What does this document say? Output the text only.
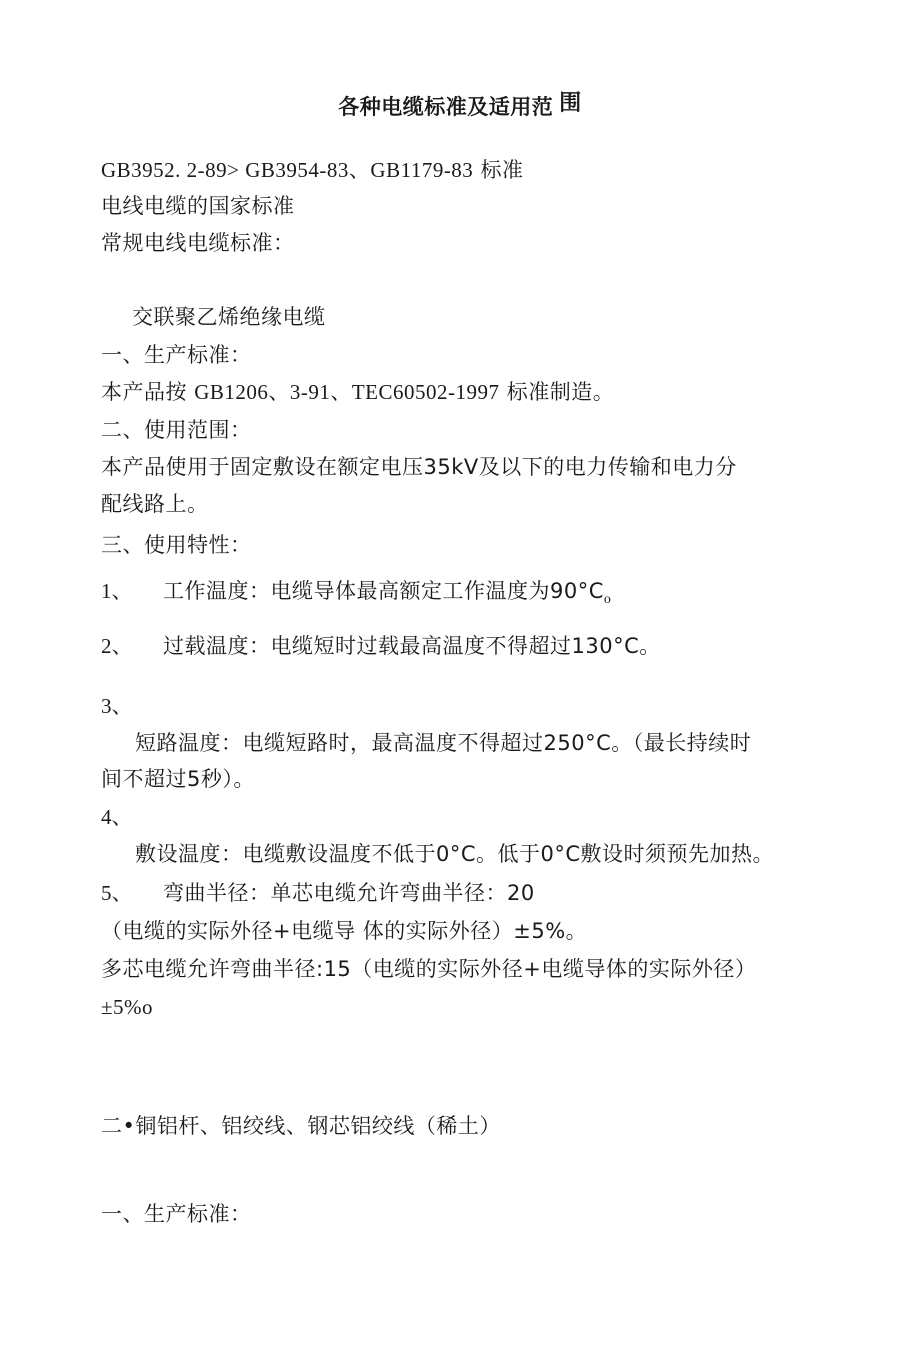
各种电缆标准及适用范 围
GB3952. 2-89> GB3954-83、GB1179-83 标准
电线电缆的国家标准
常规电线电缆标准：
交联聚乙烯绝缘电缆
一、生产标准：
本产品按 GB1206、3-91、TEC60502-1997 标准制造。
二、使用范围：
本产品使用于固定敷设在额定电压35kV及以下的电力传输和电力分
配线路上。
三、使用特性：
1、 工作温度：电缆导体最高额定工作温度为$90^\circ C_o$
2、 过载温度：电缆短时过载最高温度不得超过130°C。
3、
短路温度：电缆短路时，最高温度不得超过250°C。（最长持续时
间不超过5秒）。
4、
敷设温度：电缆敷设温度不低于0°C。低于0°C敷设时须预先加热。
5、 弯曲半径：单芯电缆允许弯曲半径：20
（电缆的实际外径+电缆导 体的实际外径）±5%。
多芯电缆允许弯曲半径:15（电缆的实际外径+电缆导体的实际外径）
±5%o
二•铜铝杆、铝绞线、钢芯铝绞线（稀土）
一、生产标准：
